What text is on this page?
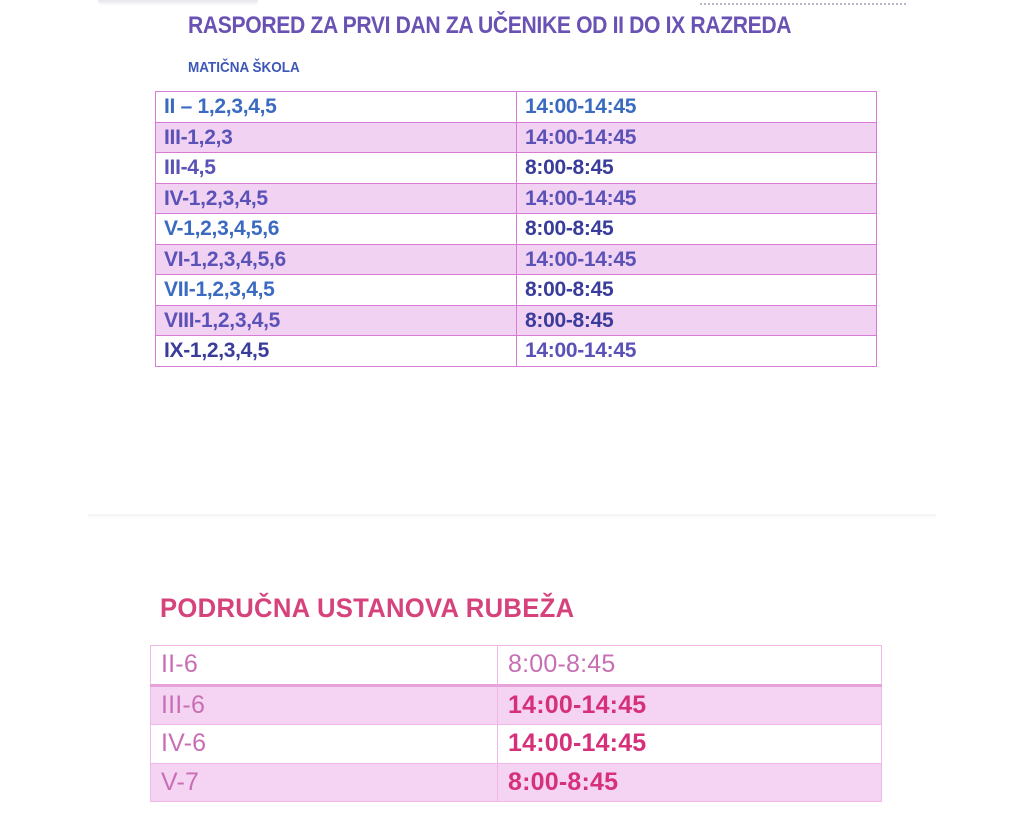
RASPORED ZA PRVI DAN ZA UČENIKE OD II DO IX RAZREDA
MATIČNA ŠKOLA
II – 1,2,3,4,5	14:00-14:45
III-1,2,3	14:00-14:45
III-4,5	8:00-8:45
IV-1,2,3,4,5	14:00-14:45
V-1,2,3,4,5,6	8:00-8:45
VI-1,2,3,4,5,6	14:00-14:45
VII-1,2,3,4,5	8:00-8:45
VIII-1,2,3,4,5	8:00-8:45
IX-1,2,3,4,5	14:00-14:45
PODRUČNA USTANOVA RUBEŽA
II-6	8:00-8:45
III-6	14:00-14:45
IV-6	14:00-14:45
V-7	8:00-8:45
